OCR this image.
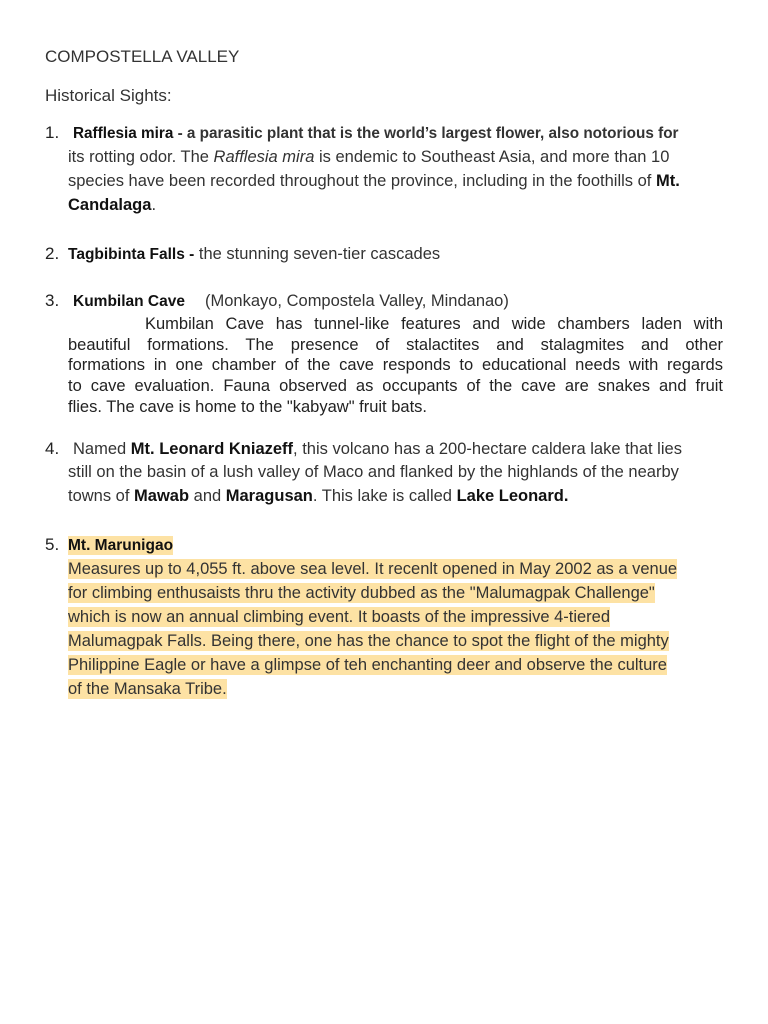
COMPOSTELLA VALLEY
Historical Sights:
1. Rafflesia mira - a parasitic plant that is the world’s largest flower, also notorious for
its rotting odor. The Rafflesia mira is endemic to Southeast Asia, and more than 10
species have been recorded throughout the province, including in the foothills of Mt.
Candalaga.
2. Tagbibinta Falls - the stunning seven-tier cascades
3. Kumbilan Cave (Monkayo, Compostela Valley, Mindanao)
Kumbilan Cave has tunnel-like features and wide chambers laden with
beautiful formations. The presence of stalactites and stalagmites and other
formations in one chamber of the cave responds to educational needs with regards
to cave evaluation. Fauna observed as occupants of the cave are snakes and fruit
flies. The cave is home to the "kabyaw" fruit bats.
4. Named Mt. Leonard Kniazeff, this volcano has a 200-hectare caldera lake that lies
still on the basin of a lush valley of Maco and flanked by the highlands of the nearby
towns of Mawab and Maragusan. This lake is called Lake Leonard.
5. Mt. Marunigao
Measures up to 4,055 ft. above sea level. It recenlt opened in May 2002 as a venue
for climbing enthusaists thru the activity dubbed as the "Malumagpak Challenge"
which is now an annual climbing event. It boasts of the impressive 4-tiered
Malumagpak Falls. Being there, one has the chance to spot the flight of the mighty
Philippine Eagle or have a glimpse of teh enchanting deer and observe the culture
of the Mansaka Tribe.
